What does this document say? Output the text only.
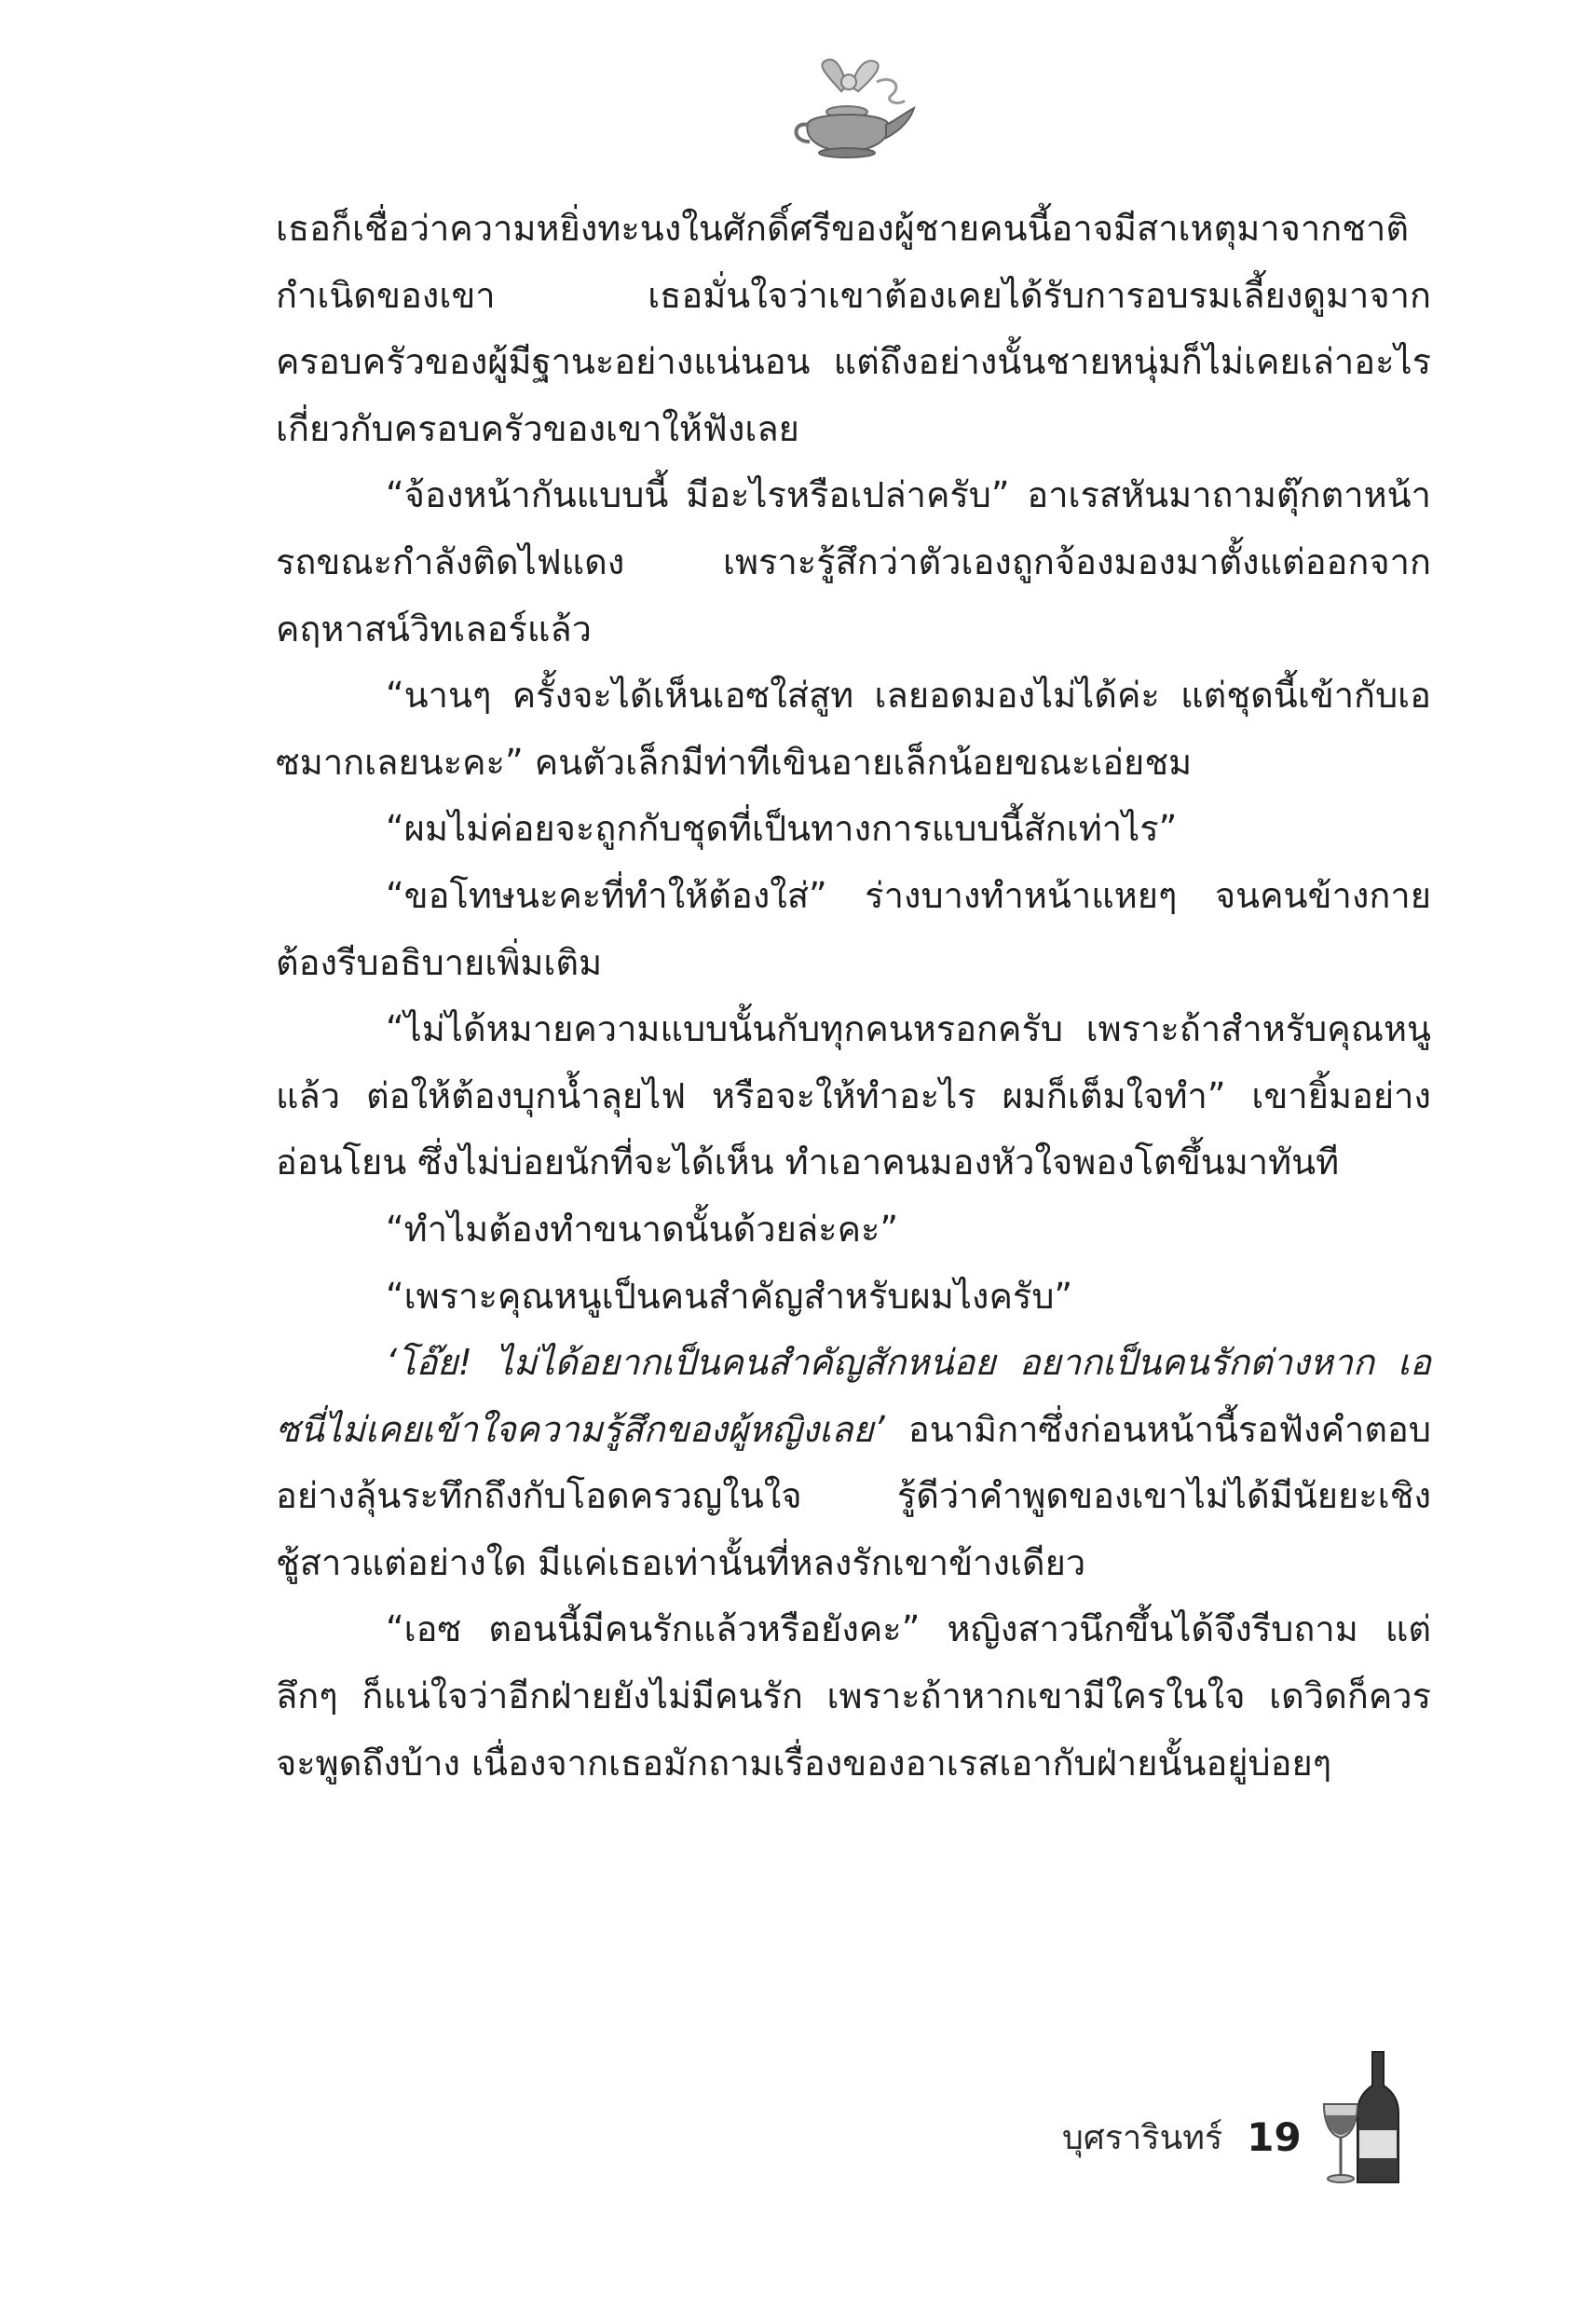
เธอก็เชื่อว่าความหยิ่งทะนงในศักดิ์ศรีของผู้ชายคนนี้อาจมีสาเหตุมาจากชาติกำเนิดของเขา เธอมั่นใจว่าเขาต้องเคยได้รับการอบรมเลี้ยงดูมาจากครอบครัวของผู้มีฐานะอย่างแน่นอน แต่ถึงอย่างนั้นชายหนุ่มก็ไม่เคยเล่าอะไรเกี่ยวกับครอบครัวของเขาให้ฟังเลย

“จ้องหน้ากันแบบนี้ มีอะไรหรือเปล่าครับ” อาเรสหันมาถามตุ๊กตาหน้ารถขณะกำลังติดไฟแดง เพราะรู้สึกว่าตัวเองถูกจ้องมองมาตั้งแต่ออกจากคฤหาสน์วิทเลอร์แล้ว

“นานๆ ครั้งจะได้เห็นเอซใส่สูท เลยอดมองไม่ได้ค่ะ แต่ชุดนี้เข้ากับเอซมากเลยนะคะ” คนตัวเล็กมีท่าทีเขินอายเล็กน้อยขณะเอ่ยชม

“ผมไม่ค่อยจะถูกกับชุดที่เป็นทางการแบบนี้สักเท่าไร”

“ขอโทษนะคะที่ทำให้ต้องใส่” ร่างบางทำหน้าแหยๆ จนคนข้างกายต้องรีบอธิบายเพิ่มเติม

“ไม่ได้หมายความแบบนั้นกับทุกคนหรอกครับ เพราะถ้าสำหรับคุณหนูแล้ว ต่อให้ต้องบุกน้ำลุยไฟ หรือจะให้ทำอะไร ผมก็เต็มใจทำ” เขายิ้มอย่างอ่อนโยน ซึ่งไม่บ่อยนักที่จะได้เห็น ทำเอาคนมองหัวใจพองโตขึ้นมาทันที

“ทำไมต้องทำขนาดนั้นด้วยล่ะคะ”

“เพราะคุณหนูเป็นคนสำคัญสำหรับผมไงครับ”

‘โอ๊ย! ไม่ได้อยากเป็นคนสำคัญสักหน่อย อยากเป็นคนรักต่างหาก เอซนี่ไม่เคยเข้าใจความรู้สึกของผู้หญิงเลย’ อนามิกาซึ่งก่อนหน้านี้รอฟังคำตอบอย่างลุ้นระทึกถึงกับโอดครวญในใจ รู้ดีว่าคำพูดของเขาไม่ได้มีนัยยะเชิงชู้สาวแต่อย่างใด มีแค่เธอเท่านั้นที่หลงรักเขาข้างเดียว

“เอซ ตอนนี้มีคนรักแล้วหรือยังคะ” หญิงสาวนึกขึ้นได้จึงรีบถาม แต่ลึกๆ ก็แน่ใจว่าอีกฝ่ายยังไม่มีคนรัก เพราะถ้าหากเขามีใครในใจ เดวิดก็ควรจะพูดถึงบ้าง เนื่องจากเธอมักถามเรื่องของอาเรสเอากับฝ่ายนั้นอยู่บ่อยๆ

บุศรารินทร์ 19
